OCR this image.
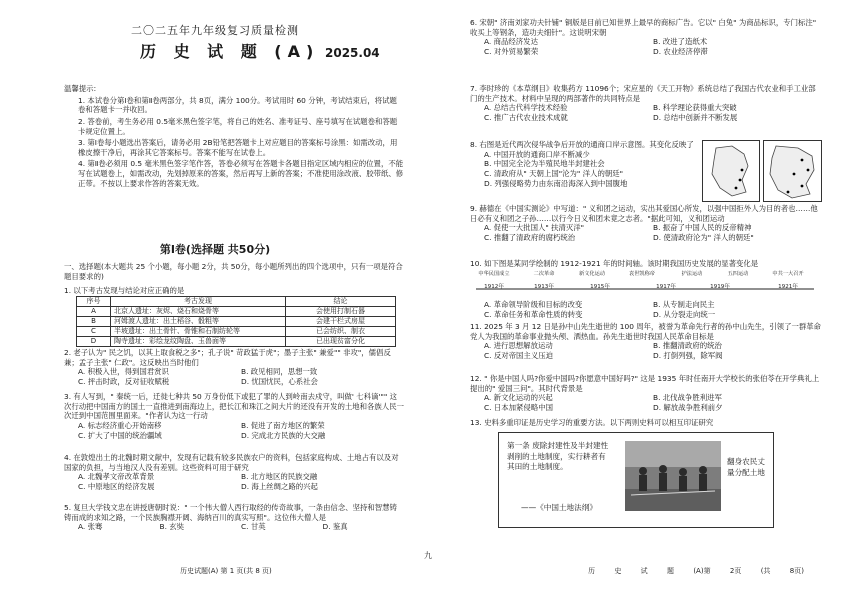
二〇二五年九年级复习质量检测
历 史 试 题 (A) 2025.04

温馨提示:

1. 本试卷分第Ⅰ卷和第Ⅱ卷两部分，共 8页，满分 100分。考试用时 60 分钟，考试结束后，将试题卷和答题卡一并收回。

2. 答卷前，考生务必用 0.5毫米黑色签字笔，将自己的姓名、准考证号、座号填写在试题卷和答题卡规定位置上。

3. 第Ⅰ卷每小题选出答案后，请务必用 2B铅笔把答题卡上对应题目的答案标号涂黑：如需改动，用橡皮擦干净后，再涂其它答案标号。答案不能写在试卷上。

4. 第Ⅱ卷必须用 0.5 毫米黑色签字笔作答，答卷必须写在答题卡各题目指定区域内相应的位置，不能写在试题卷上，如需改动，先划掉原来的答案，然后再写上新的答案；不准使用涂改液、胶带纸、修正带。不按以上要求作答的答案无效。

第Ⅰ卷(选择题 共50分)
一、选择题(本大题共 25 个小题，每小题 2分，共 50分，每小题所列出的四个选项中，只有一项是符合题目要求的)
1. 以下考古发现与结论对应正确的是
序号	考古发现	结论
A	北京人遗址：灰烬、烧石和烧骨等	会使用打制石器
B	河姆渡人遗址：出土稻谷、骰粗等	会建干栏式房屋
C	半坡遗址：出土骨针、骨锥和石制纺轮等	已会纺织、制衣
D	陶寺遗址：彩绘龙纹陶盘、玉兽面等	已出现贫富分化

2. 老子认为" 民之饥，以其上取食税之多"；孔子说" 苛政猛于虎"；墨子主张" 兼爱"" 非攻"，儒倡反兼；孟子主张" 仁政"。这反映出当时他们

A. 积极入世，得到国君赏识	B. 政见相同，思想一致
C. 抨击时政，反对征收赋税	D. 忧国忧民，心系社会

3. 有人写到，" 秦统一后，迁徙七种共 50 万身份低下或犯了罪的人到岭南去戍守，叫做' 七科谪'"" 这次行动把中国南方的国土一直推进到南海边上，把长江和珠江之间大片的还没有开发的土地和各族人民一次迁到中国范围里面来。"作者认为这一行动

A. 标志经济重心开始南移	B. 促进了南方地区的繁荣
C. 扩大了中国的统治疆域	D. 完成北方民族的大交融

4. 在敦煌出土的北魏时期文献中，发现有记载有较多民族农户的资料，包括家庭构成、土地占有以及对国家的负担，与当地汉人没有差别。这些资料可用于研究

A. 北魏孝文帝改革背景	B. 北方地区的民族交融
C. 中原地区的经济发展	D. 海上丝绸之路的兴起

5. 复旦大学钱文忠在讲授唐朝时说：" 一个伟大僧人西行取经的传奇故事，一条由信念、坚持和智慧铸铸而成的求知之路，一个民族胸襟开阔、海纳百川的真实写照"。这位伟大僧人是

A. 张骞	B. 玄奘	C. 甘英	D. 鉴真
历史试题(A) 第 1 页(共 8 页)
九

6. 宋朝" 济南刘家功夫针铺" 铜版是目前已知世界上最早的商标广告。它以" 白兔" 为商品标识，专门标注" 收买上等钢条，造功夫细针"。这说明宋朝

A. 商品经济发达	B. 改进了造纸术
C. 对外贸易繁荣	D. 农业经济停滞

7. 李时珍的《本草纲目》收集药方 11096个；宋应星的《天工开物》系统总结了我国古代农业和手工业部门的生产技术。材料中呈现的两部著作的共同特点是

A. 总结古代科学技术经验	B. 科学理论获得重大突破
C. 推广古代农业技术成就	D. 总结中创新并不断发展

8. 右图是近代两次侵华战争后开放的通商口岸示意图。其变化反映了

A. 中国开放的通商口岸不断减少

B. 中国完全沦为半殖民地半封建社会

C. 清政府从" 天朝上国"沦为" 洋人的朝廷"

D. 列强侵略势力由东南沿海深入到中国腹地

9. 赫德在《中国实测论》中写道：" 义和团之运动，实出其爱国心所发，以强中国拒外人为目的者也……他日必有义和团之子孙……以行今日义和团未竟之志者。"据此可知，义和团运动

A. 促使一大批国人" 扶清灭洋"	B. 振奋了中国人民的反帝精神
C. 推翻了清政府的腐朽统治	D. 使清政府沦为" 洋人的朝廷"
10. 如下图是某同学绘制的 1912-1921 年的时间轴。该时期我国历史发展的显著变化是
中华民国成立	二次革命	新文化运动	袁世凯称帝	护法运动	五四运动	中共一大召开
1912年	1913年	1915年	1917年	1919年	1921年
A. 革命领导阶级和目标的改变	B. 从专制走向民主
C. 革命任务和革命性质的转变	D. 从分裂走向统一

11. 2025 年 3 月 12 日是孙中山先生逝世的 100 周年，被誉为革命先行者的孙中山先生，引领了一群革命党人为我国的革命事业抛头颅、洒热血。孙先生逝世时我国人民革命目标是

A. 进行思想解放运动	B. 推翻清政府的统治
C. 反对帝国主义压迫	D. 打倒列强，除军阀

12. " 你是中国人吗?你爱中国吗?你愿意中国好吗?" 这是 1935 年时任南开大学校长的张伯苓在开学典礼上提出的" 爱国三问"。其时代背景是

A. 新文化运动的兴起	B. 北伐战争胜利进军
C. 日本加紧侵略中国	D. 解放战争胜利前夕
13. 史料多重印证是历史学习的重要方法。以下两则史料可以相互印证研究
第一条 废除封建性及半封建性剥削的土地制度，实行耕者有其田的土地制度。
——《中国土地法纲》
翻身农民丈量分配土地
历	史	试	题	(A)第	2页	(共	8页)
